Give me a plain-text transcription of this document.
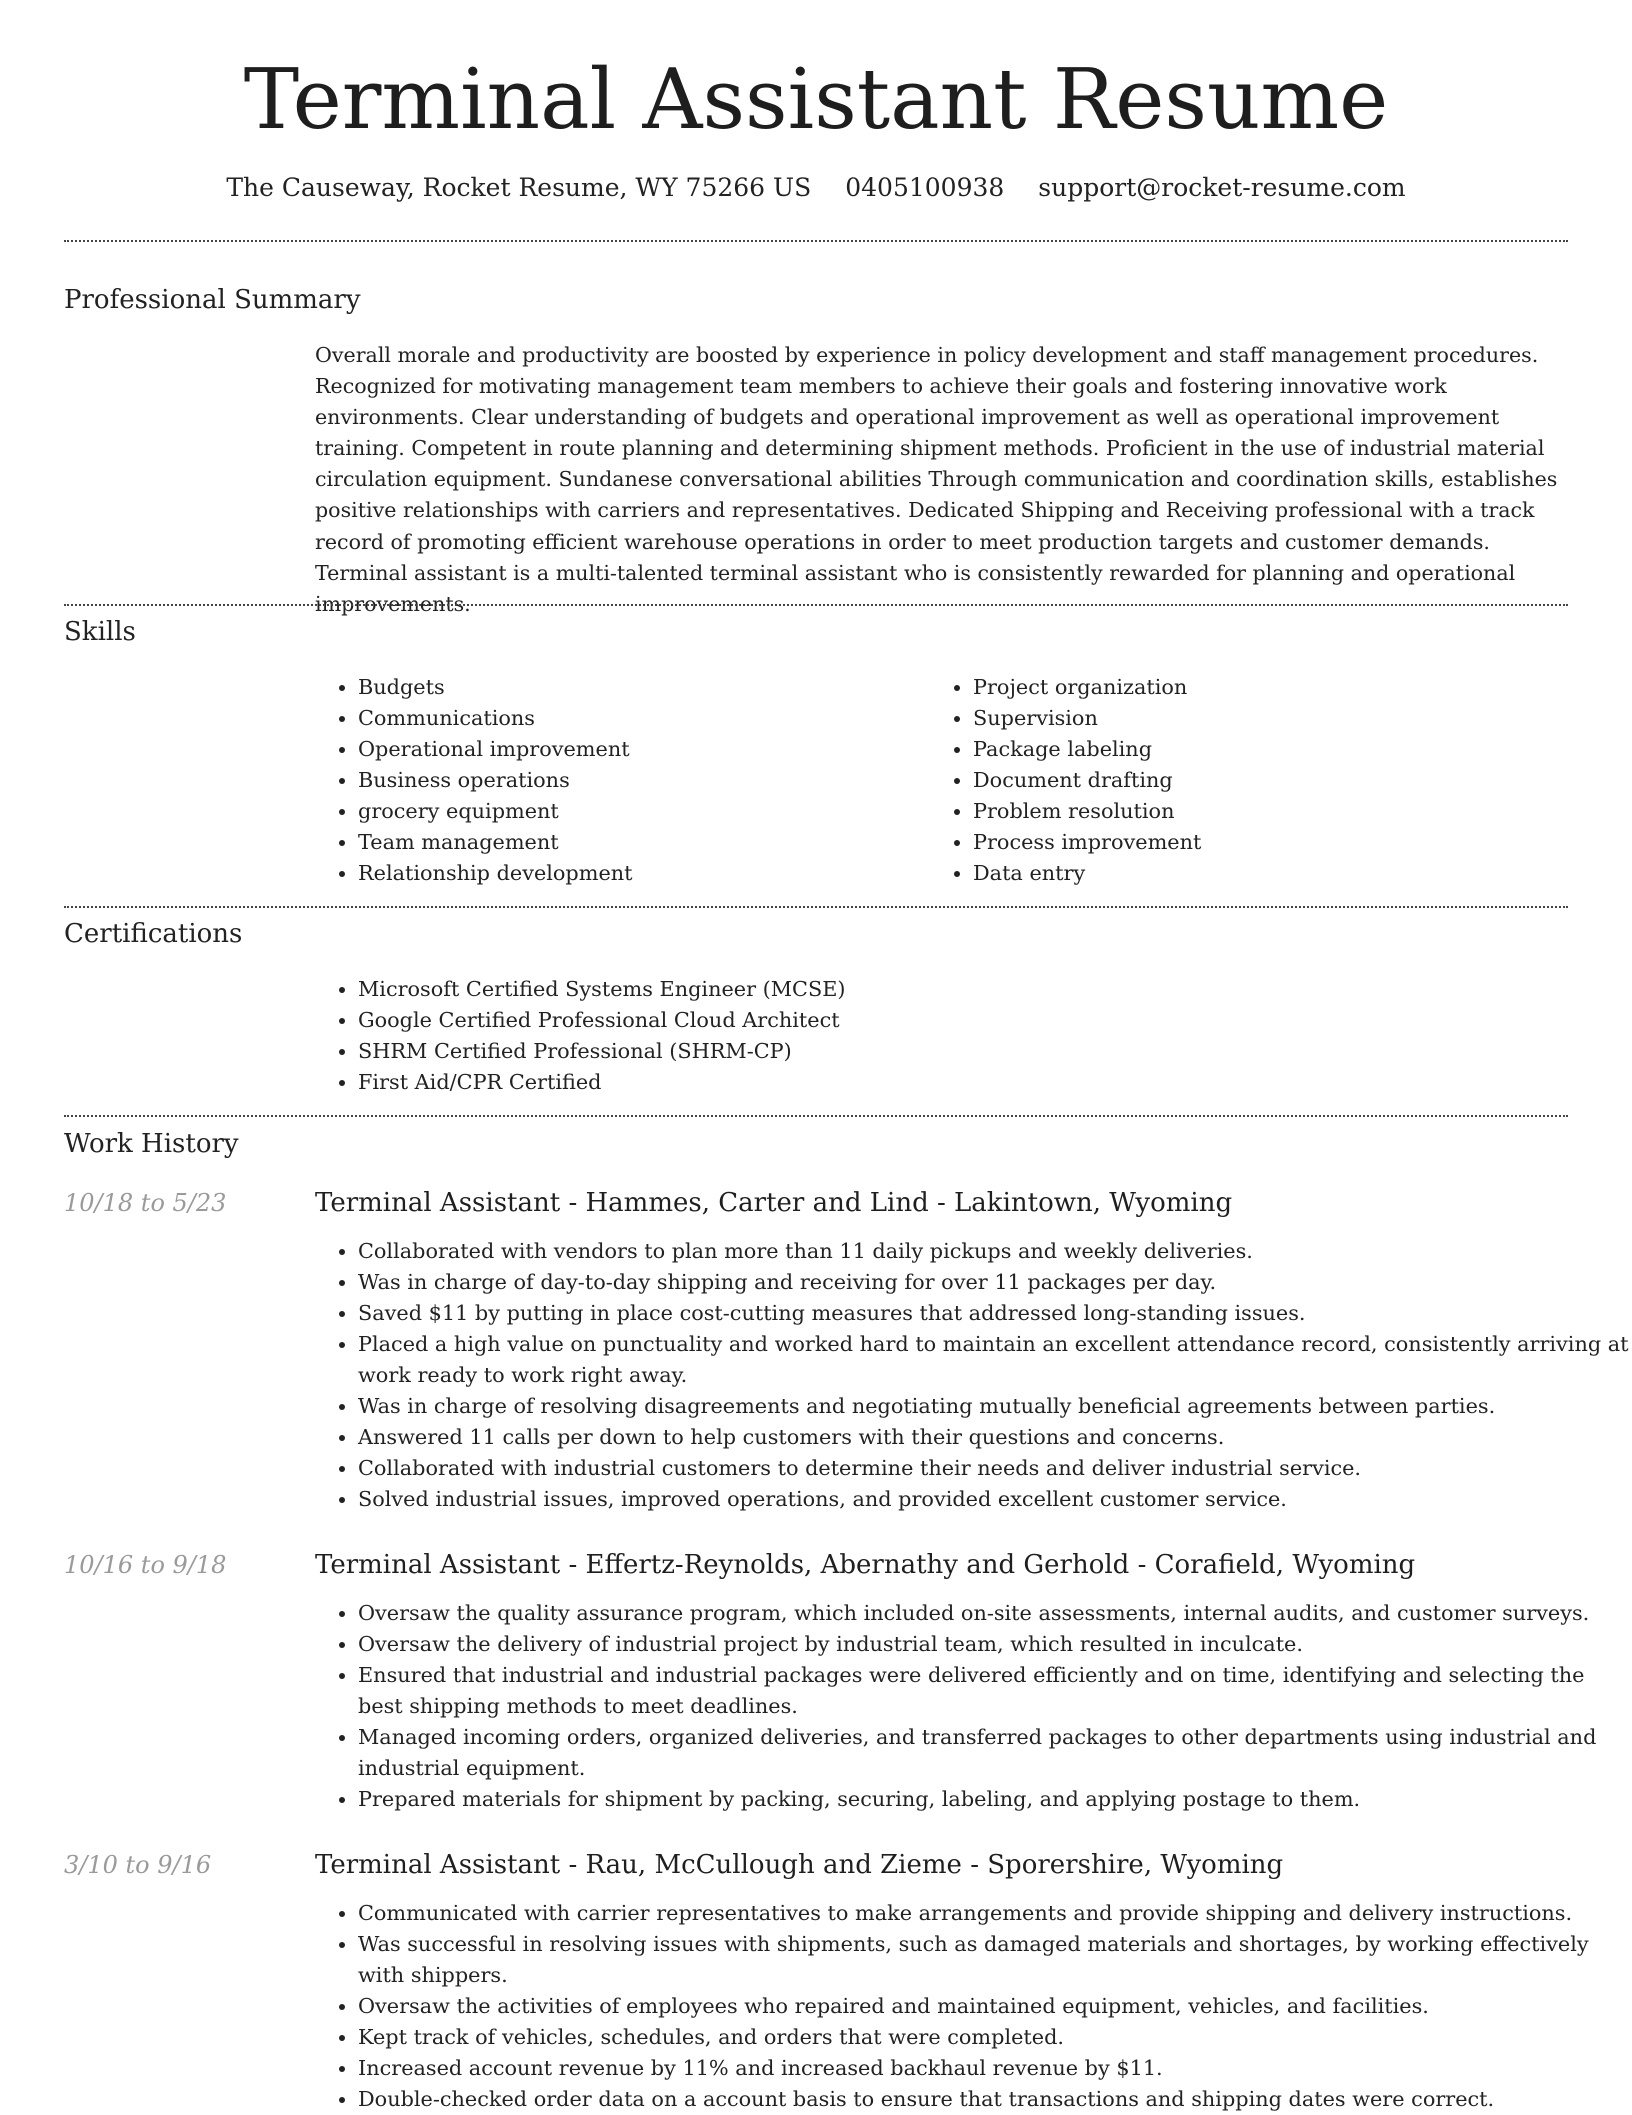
Terminal Assistant Resume
The Causeway, Rocket Resume, WY 75266 US 0405100938 support@rocket-resume.com
Professional Summary

Overall morale and productivity are boosted by experience in policy development and staff management procedures. Recognized for motivating management team members to achieve their goals and fostering innovative work environments. Clear understanding of budgets and operational improvement as well as operational improvement training. Competent in route planning and determining shipment methods. Proficient in the use of industrial material circulation equipment. Sundanese conversational abilities Through communication and coordination skills, establishes positive relationships with carriers and representatives. Dedicated Shipping and Receiving professional with a track record of promoting efficient warehouse operations in order to meet production targets and customer demands. Terminal assistant is a multi-talented terminal assistant who is consistently rewarded for planning and operational improvements.

Skills
• Budgets
• Communications
• Operational improvement
• Business operations
• grocery equipment
• Team management
• Relationship development
• Project organization
• Supervision
• Package labeling
• Document drafting
• Problem resolution
• Process improvement
• Data entry
Certifications
• Microsoft Certified Systems Engineer (MCSE)
• Google Certified Professional Cloud Architect
• SHRM Certified Professional (SHRM-CP)
• First Aid/CPR Certified
Work History
10/18 to 5/23	Terminal Assistant - Hammes, Carter and Lind - Lakintown, Wyoming
• Collaborated with vendors to plan more than 11 daily pickups and weekly deliveries.
• Was in charge of day-to-day shipping and receiving for over 11 packages per day.
• Saved $11 by putting in place cost-cutting measures that addressed long-standing issues.
• Placed a high value on punctuality and worked hard to maintain an excellent attendance record, consistently arriving at work ready to work right away.
• Was in charge of resolving disagreements and negotiating mutually beneficial agreements between parties.
• Answered 11 calls per down to help customers with their questions and concerns.
• Collaborated with industrial customers to determine their needs and deliver industrial service.
• Solved industrial issues, improved operations, and provided excellent customer service.
10/16 to 9/18	Terminal Assistant - Effertz-Reynolds, Abernathy and Gerhold - Corafield, Wyoming
• Oversaw the quality assurance program, which included on-site assessments, internal audits, and customer surveys.
• Oversaw the delivery of industrial project by industrial team, which resulted in inculcate.
• Ensured that industrial and industrial packages were delivered efficiently and on time, identifying and selecting the best shipping methods to meet deadlines.
• Managed incoming orders, organized deliveries, and transferred packages to other departments using industrial and industrial equipment.
• Prepared materials for shipment by packing, securing, labeling, and applying postage to them.
3/10 to 9/16	Terminal Assistant - Rau, McCullough and Zieme - Sporershire, Wyoming
• Communicated with carrier representatives to make arrangements and provide shipping and delivery instructions.
• Was successful in resolving issues with shipments, such as damaged materials and shortages, by working effectively with shippers.
• Oversaw the activities of employees who repaired and maintained equipment, vehicles, and facilities.
• Kept track of vehicles, schedules, and orders that were completed.
• Increased account revenue by 11% and increased backhaul revenue by $11.
• Double-checked order data on a account basis to ensure that transactions and shipping dates were correct.
